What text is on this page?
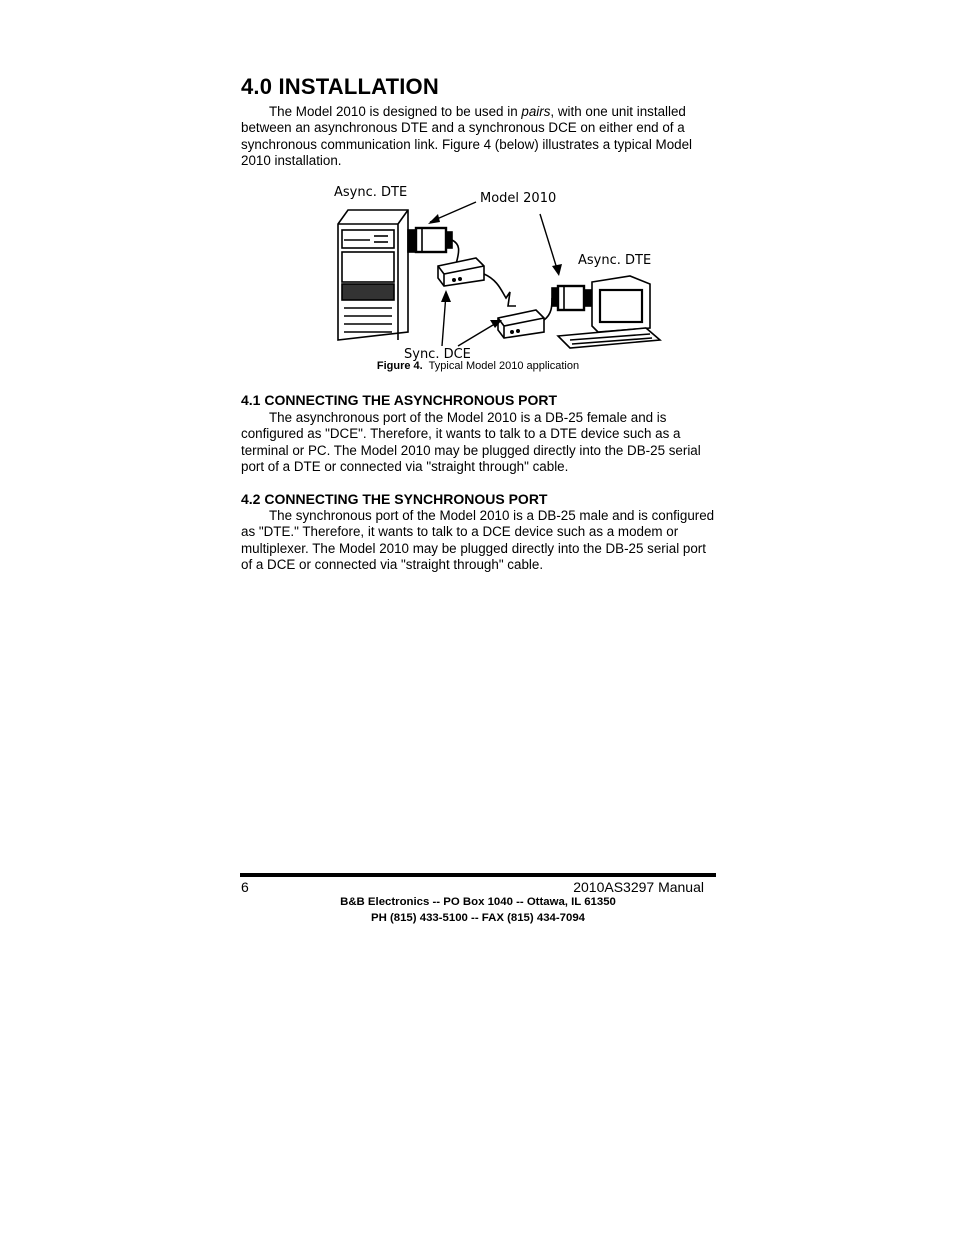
4.0 INSTALLATION

The Model 2010 is designed to be used in pairs, with one unit installed between an asynchronous DTE and a synchronous DCE on either end of a synchronous communication link. Figure 4 (below) illustrates a typical Model 2010 installation.

Async. DTE	Model 2010
Async. DTE
Sync. DCE
Figure 4. Typical Model 2010 application
4.1 CONNECTING THE ASYNCHRONOUS PORT

The asynchronous port of the Model 2010 is a DB-25 female and is configured as "DCE". Therefore, it wants to talk to a DTE device such as a terminal or PC. The Model 2010 may be plugged directly into the DB-25 serial port of a DTE or connected via "straight through" cable.

4.2 CONNECTING THE SYNCHRONOUS PORT

The synchronous port of the Model 2010 is a DB-25 male and is configured as "DTE." Therefore, it wants to talk to a DCE device such as a modem or multiplexer. The Model 2010 may be plugged directly into the DB-25 serial port of a DCE or connected via "straight through" cable.

6	2010AS3297 Manual
B&B Electronics -- PO Box 1040 -- Ottawa, IL 61350
PH (815) 433-5100 -- FAX (815) 434-7094
